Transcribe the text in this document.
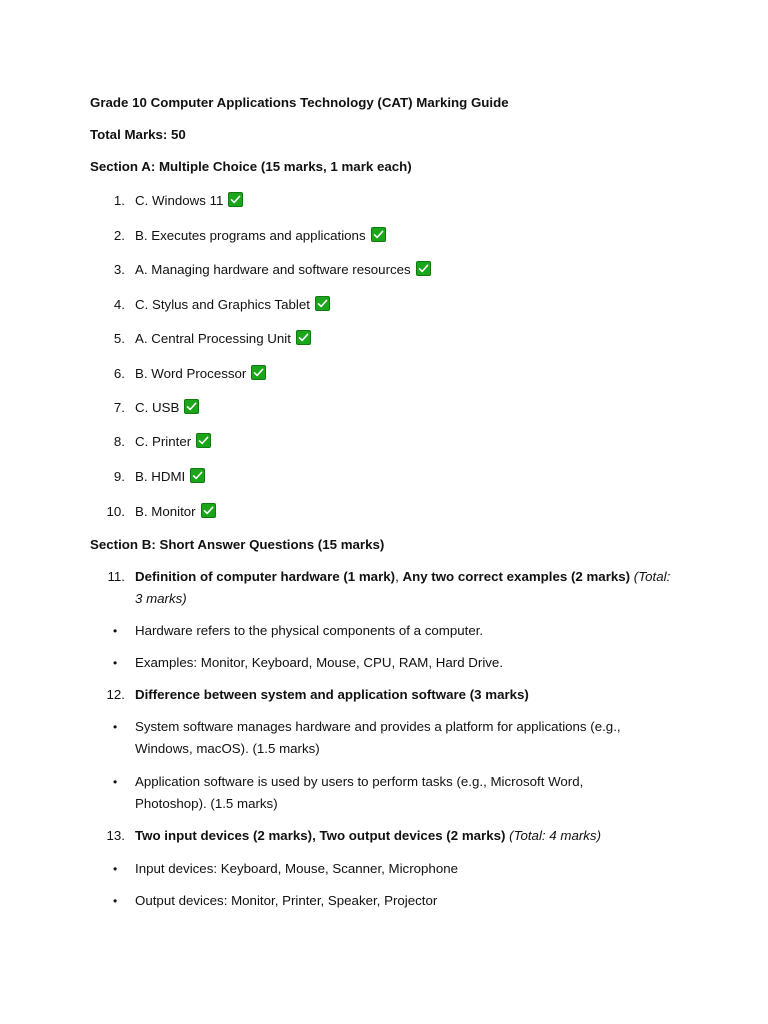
Grade 10 Computer Applications Technology (CAT) Marking Guide
Total Marks: 50
Section A: Multiple Choice (15 marks, 1 mark each)
1. C. Windows 11
2. B. Executes programs and applications
3. A. Managing hardware and software resources
4. C. Stylus and Graphics Tablet
5. A. Central Processing Unit
6. B. Word Processor
7. C. USB
8. C. Printer
9. B. HDMI
10. B. Monitor
Section B: Short Answer Questions (15 marks)
11. Definition of computer hardware (1 mark), Any two correct examples (2 marks) (Total:
3 marks)
• Hardware refers to the physical components of a computer.
• Examples: Monitor, Keyboard, Mouse, CPU, RAM, Hard Drive.
12. Difference between system and application software (3 marks)
• System software manages hardware and provides a platform for applications (e.g.,
Windows, macOS). (1.5 marks)
• Application software is used by users to perform tasks (e.g., Microsoft Word,
Photoshop). (1.5 marks)
13. Two input devices (2 marks), Two output devices (2 marks) (Total: 4 marks)
• Input devices: Keyboard, Mouse, Scanner, Microphone
• Output devices: Monitor, Printer, Speaker, Projector
